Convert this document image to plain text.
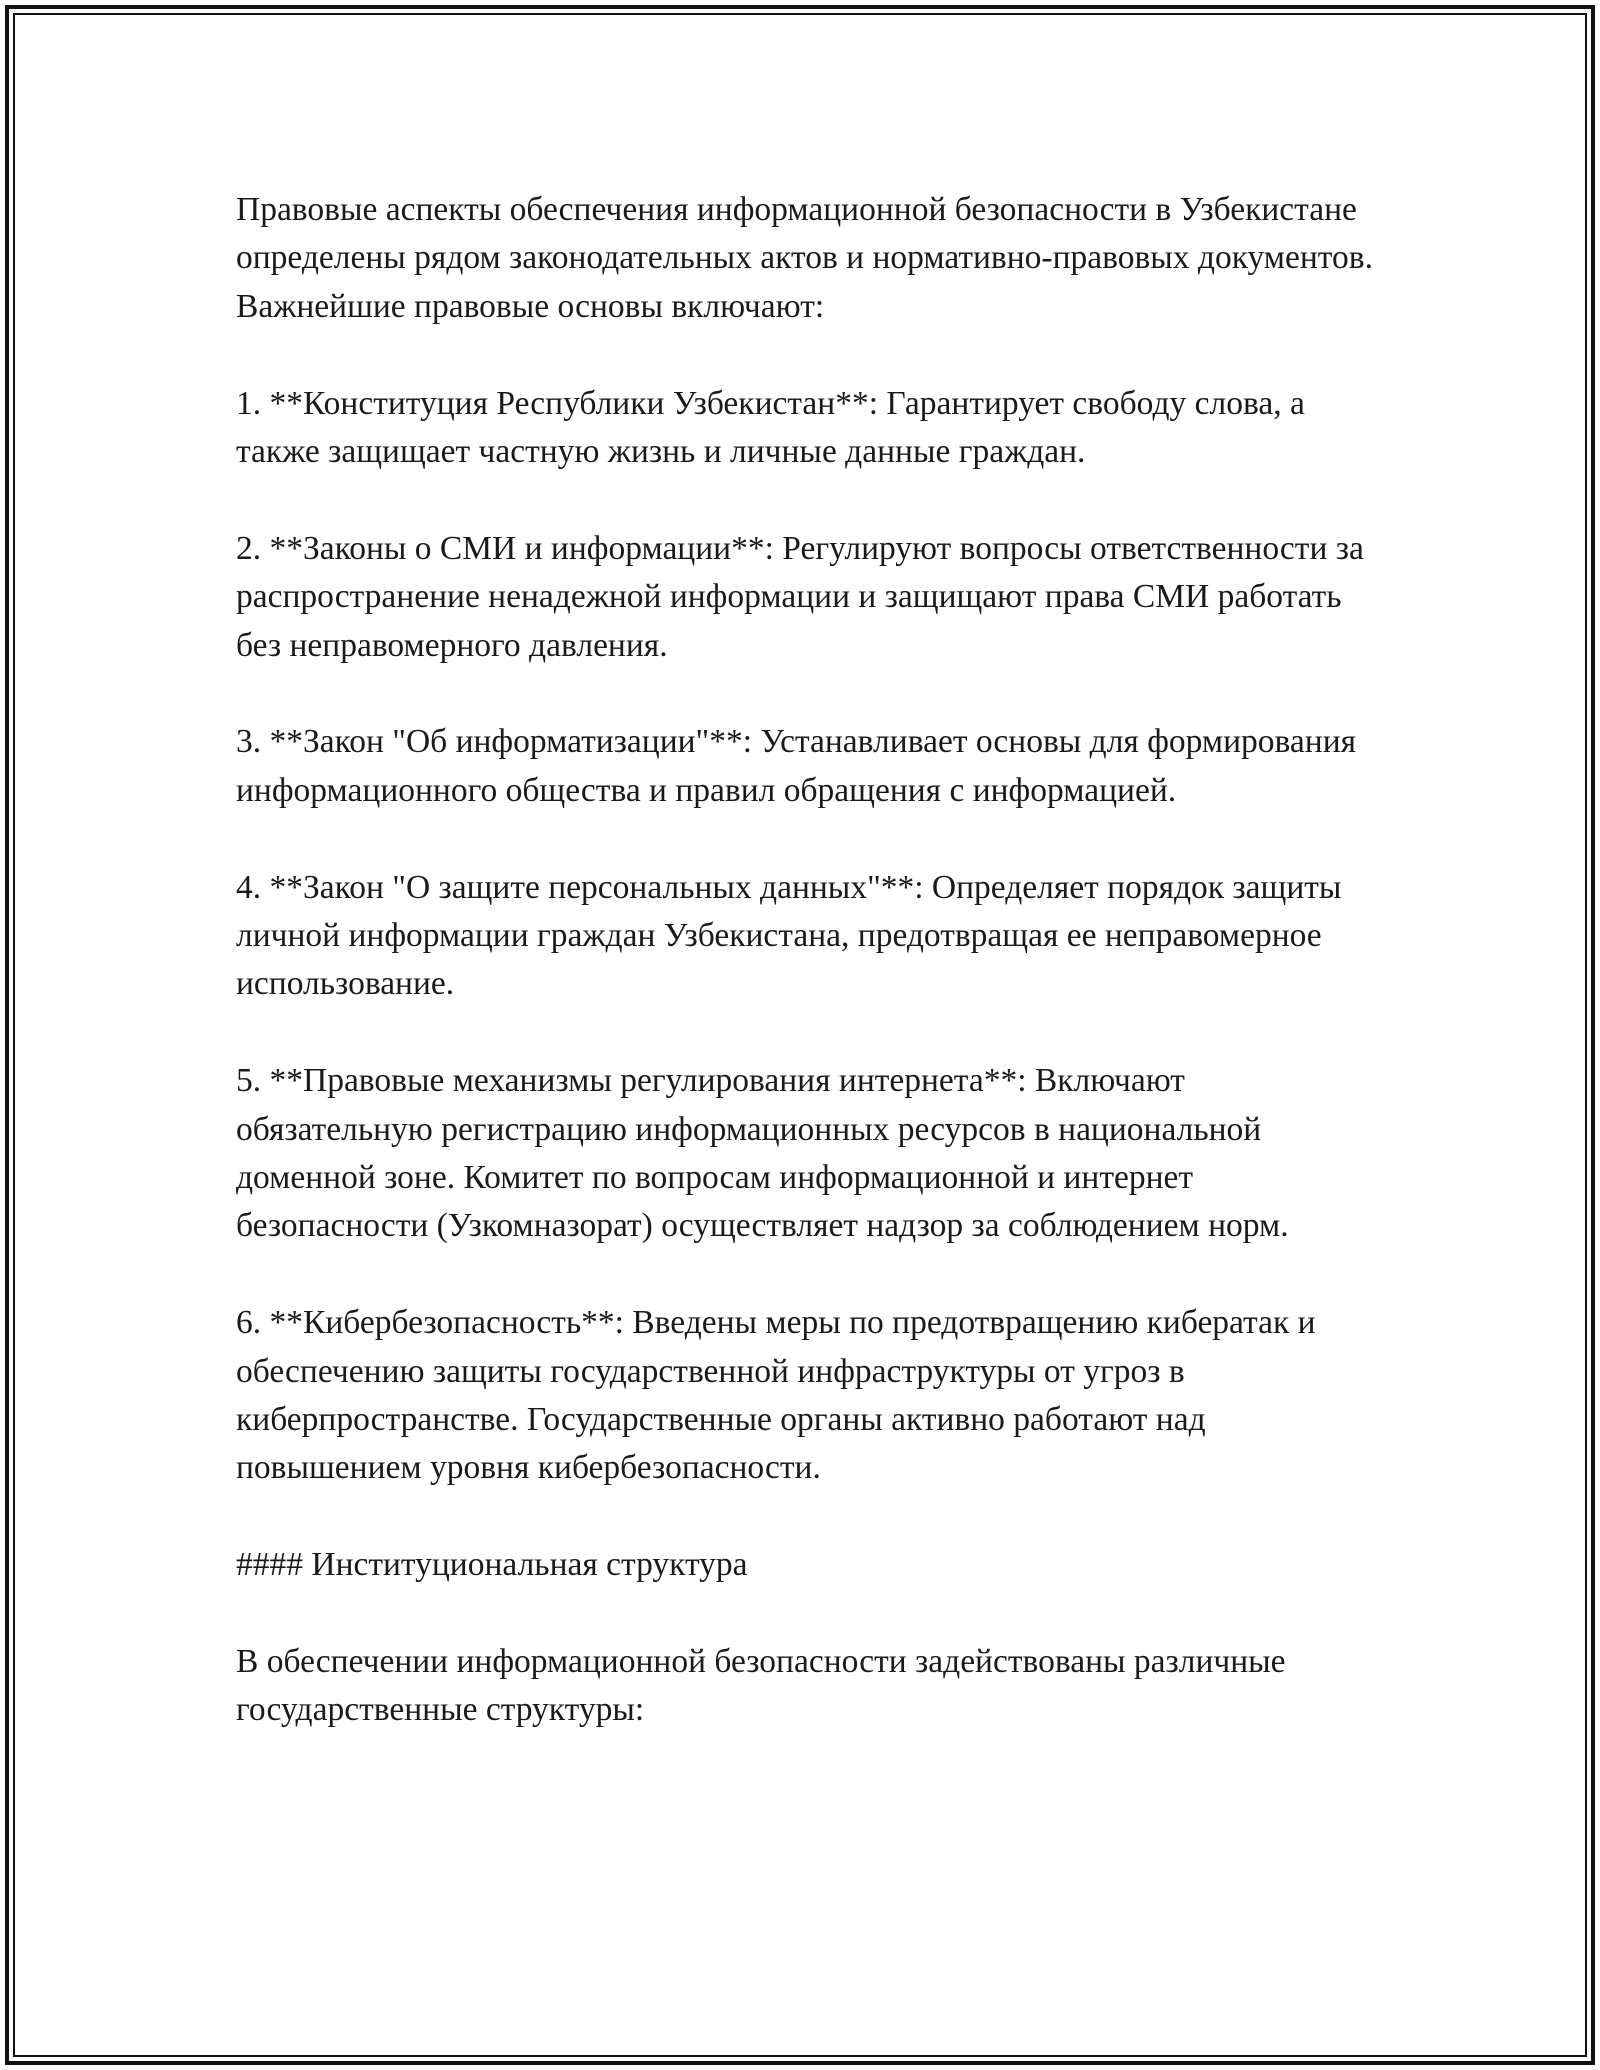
Правовые аспекты обеспечения информационной безопасности в Узбекистане определены рядом законодательных актов и нормативно-правовых документов. Важнейшие правовые основы включают:

1. **Конституция Республики Узбекистан**: Гарантирует свободу слова, а также защищает частную жизнь и личные данные граждан.

2. **Законы о СМИ и информации**: Регулируют вопросы ответственности за распространение ненадежной информации и защищают права СМИ работать без неправомерного давления.

3. **Закон "Об информатизации"**: Устанавливает основы для формирования информационного общества и правил обращения с информацией.

4. **Закон "О защите персональных данных"**: Определяет порядок защиты личной информации граждан Узбекистана, предотвращая ее неправомерное использование.

5. **Правовые механизмы регулирования интернета**: Включают обязательную регистрацию информационных ресурсов в национальной доменной зоне. Комитет по вопросам информационной и интернет безопасности (Узкомназорат) осуществляет надзор за соблюдением норм.

6. **Кибербезопасность**: Введены меры по предотвращению кибератак и обеспечению защиты государственной инфраструктуры от угроз в киберпространстве. Государственные органы активно работают над повышением уровня кибербезопасности.

#### Институциональная структура

В обеспечении информационной безопасности задействованы различные государственные структуры:
